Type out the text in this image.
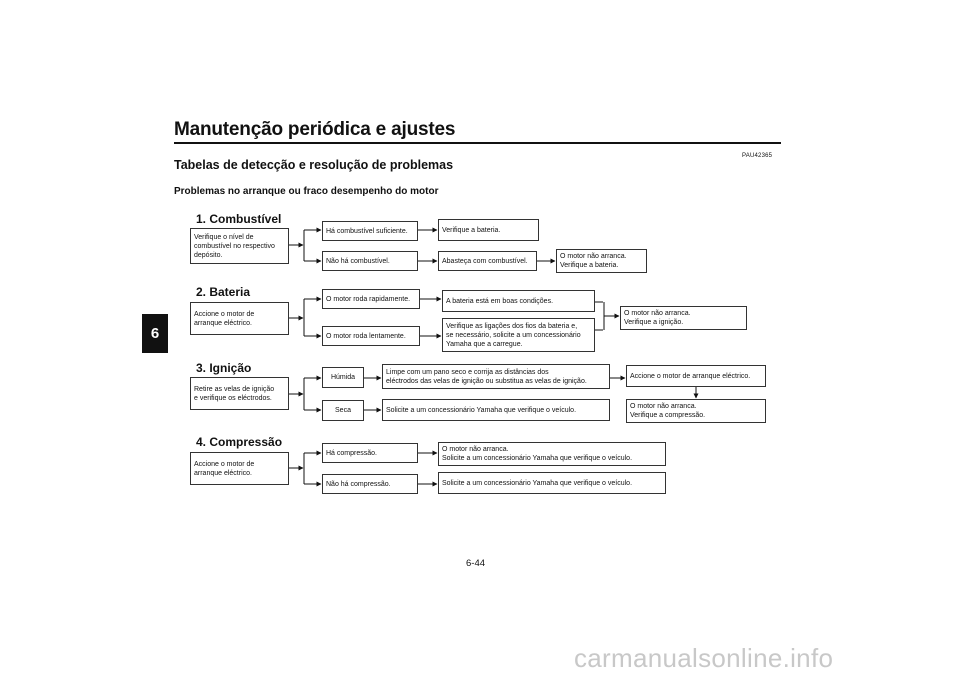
Manutenção periódica e ajustes
6
PAU42365
Tabelas de detecção e resolução de problemas
Problemas no arranque ou fraco desempenho do motor
1. Combustível
Verifique o nível de
combustível no respectivo
depósito.
Há combustível suficiente.
Não há combustível.
Verifique a bateria.
Abasteça com combustível.
O motor não arranca.
Verifique a bateria.
2. Bateria
Accione o motor de
arranque eléctrico.
O motor roda rapidamente.
O motor roda lentamente.
A bateria está em boas condições.
Verifique as ligações dos fios da bateria e,
se necessário, solicite a um concessionário
Yamaha que a carregue.
O motor não arranca.
Verifique a ignição.
3. Ignição
Retire as velas de ignição
e verifique os eléctrodos.
Húmida
Seca
Limpe com um pano seco e corrija as distâncias dos
eléctrodos das velas de ignição ou substitua as velas de ignição.
Solicite a um concessionário Yamaha que verifique o veículo.
Accione o motor de arranque eléctrico.
O motor não arranca.
Verifique a compressão.
4. Compressão
Accione o motor de
arranque eléctrico.
Há compressão.
Não há compressão.
O motor não arranca.
Solicite a um concessionário Yamaha que verifique o veículo.
Solicite a um concessionário Yamaha que verifique o veículo.
6-44
carmanualsonline.info
